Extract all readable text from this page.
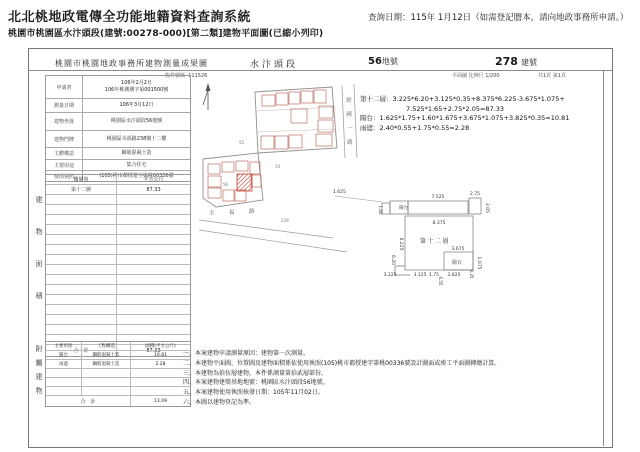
北北桃地政電傳全功能地籍資料查詢系統	查詢日期：115年 1月12日（如需登記謄本，請向地政事務所申請。）
桃園市桃園區水汴頭段(建號:00278-000)[第二類]建物平面圖(已縮小列印)
桃園市桃園地政事務所建物測量成果圖	水汴頭段	56地號	278 建號
收件號碼 111526	平面圖 比例尺 1/200	共1頁 第1頁
申請書
106年2月2日
106年桃測測字第001500號
測量日期	106年3月12日
建物坐落	桃園區水汴頭段56地號
建物門牌	桃園區幸福路238號十二樓
主體構造	鋼筋混凝土造
主要用途	集合住宅
使用執照	(105)桃市都授建字第桃00336號
建
物
面
積
樓層別	平方公尺
第十二層	87.33
合　計	87.33
附
屬
建
物
主要用途	工程構造	面積(平方公尺)
陽台	鋼筋混凝土造	10.81
雨遮	鋼筋混凝土造	2.28
合　計	13.09
經
國
一
路
55
14
56
239
幸	福	路
7.525
2.75
2.05
1.625
1.60	陽台
8.375
第十二層
6.225
6.20
3.675
陽台	1.075
3.225	3.125 1.75 3.825 0.35
0.55
第十二層：3.225*6.20+3.125*0.35+8.375*6.225-3.675*1.075+
7.525*1.65+2.75*2.05=87.33
陽台：1.625*1.75+1.60*1.675+3.675*1.075+3.825*0.35=10.81
雨遮：2.40*0.55+1.75*0.55=2.28
一、本案建物申請測量原因：建物第一次測量。
二、本建物平面圖、位置圖及建物面積係依使用執照(105)桃市都授建字第桃00336號設計圖面或竣工平面圖轉繪計算。
三、本建物為拾伍層建物，本件係測量第拾貳層部份。
四、本案建物建築基地地號：桃園區水汴頭段56地號。
五、本案建物使用執照核發日期：105年11月02日。
六、本圖以建物登記為準。
